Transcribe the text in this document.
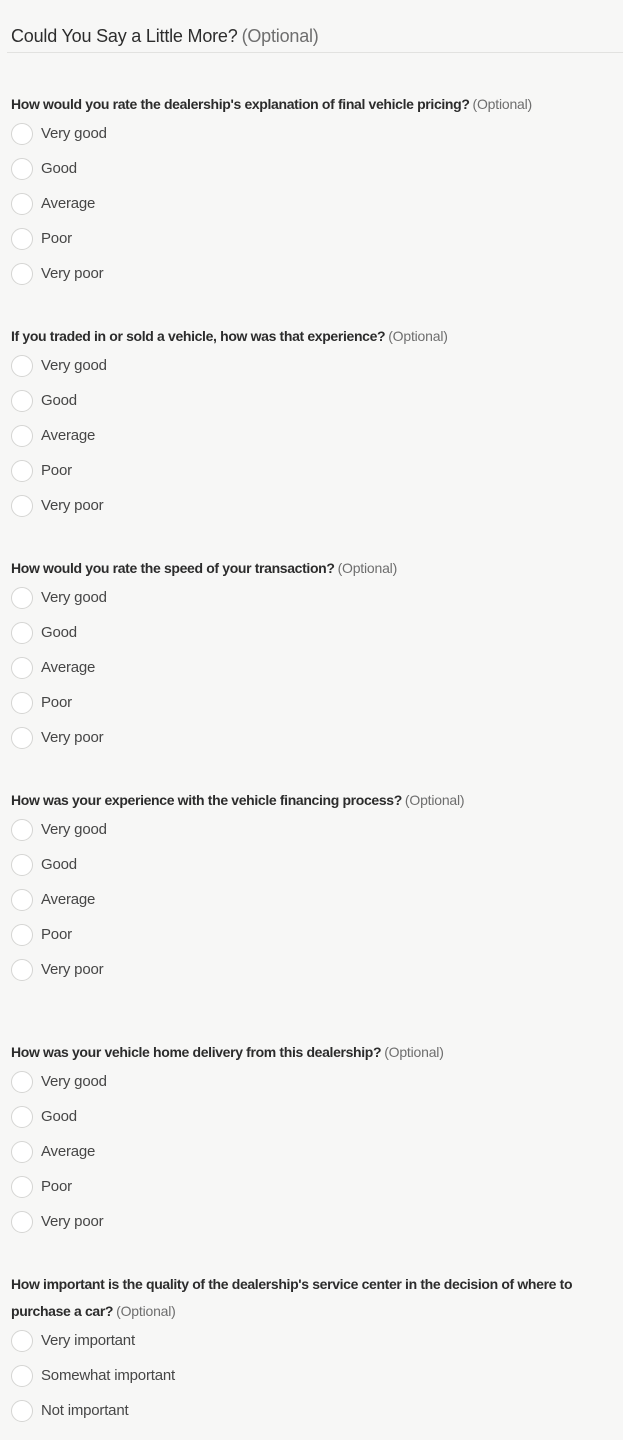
Could You Say a Little More? (Optional)
How would you rate the dealership's explanation of final vehicle pricing? (Optional)
Very good
Good
Average
Poor
Very poor
If you traded in or sold a vehicle, how was that experience? (Optional)
Very good
Good
Average
Poor
Very poor
How would you rate the speed of your transaction? (Optional)
Very good
Good
Average
Poor
Very poor
How was your experience with the vehicle financing process? (Optional)
Very good
Good
Average
Poor
Very poor
How was your vehicle home delivery from this dealership? (Optional)
Very good
Good
Average
Poor
Very poor
How important is the quality of the dealership's service center in the decision of where to purchase a car? (Optional)
Very important
Somewhat important
Not important
